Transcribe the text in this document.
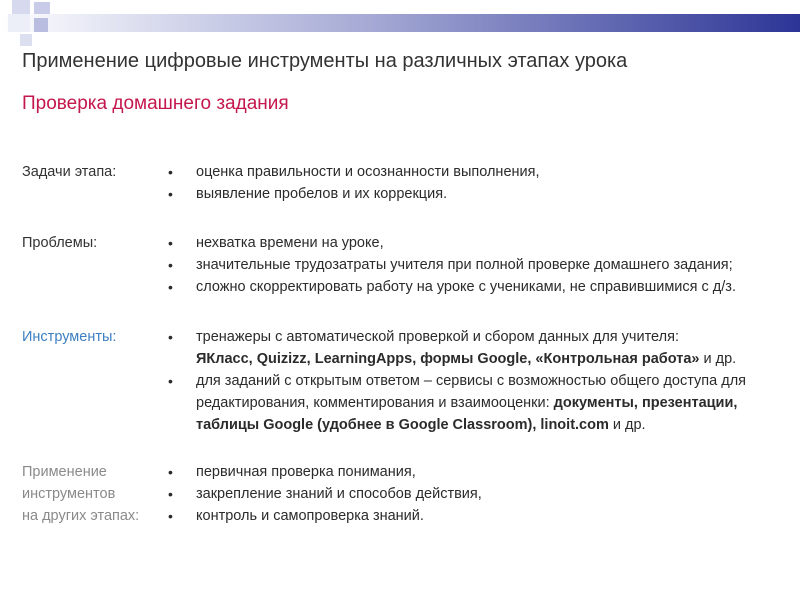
Применение цифровые инструменты на различных этапах урока
Проверка домашнего задания
Задачи этапа:	• оценка правильности и осознанности выполнения,
• выявление пробелов и их коррекция.
Проблемы:	• нехватка времени на уроке,
• значительные трудозатраты учителя при полной проверке домашнего задания;
• сложно скорректировать работу на уроке с учениками, не справившимися с д/з.
Инструменты:	• тренажеры с автоматической проверкой и сбором данных для учителя:
ЯКласс, Quizizz, LearningApps, формы Google, «Контрольная работа» и др.
• для заданий с открытым ответом – сервисы с возможностью общего доступа для редактирования, комментирования и взаимооценки: документы, презентации, таблицы Google (удобнее в Google Classroom), linoit.com и др.
Применение
инструментов
на других этапах:
• первичная проверка понимания,
• закрепление знаний и способов действия,
• контроль и самопроверка знаний.
